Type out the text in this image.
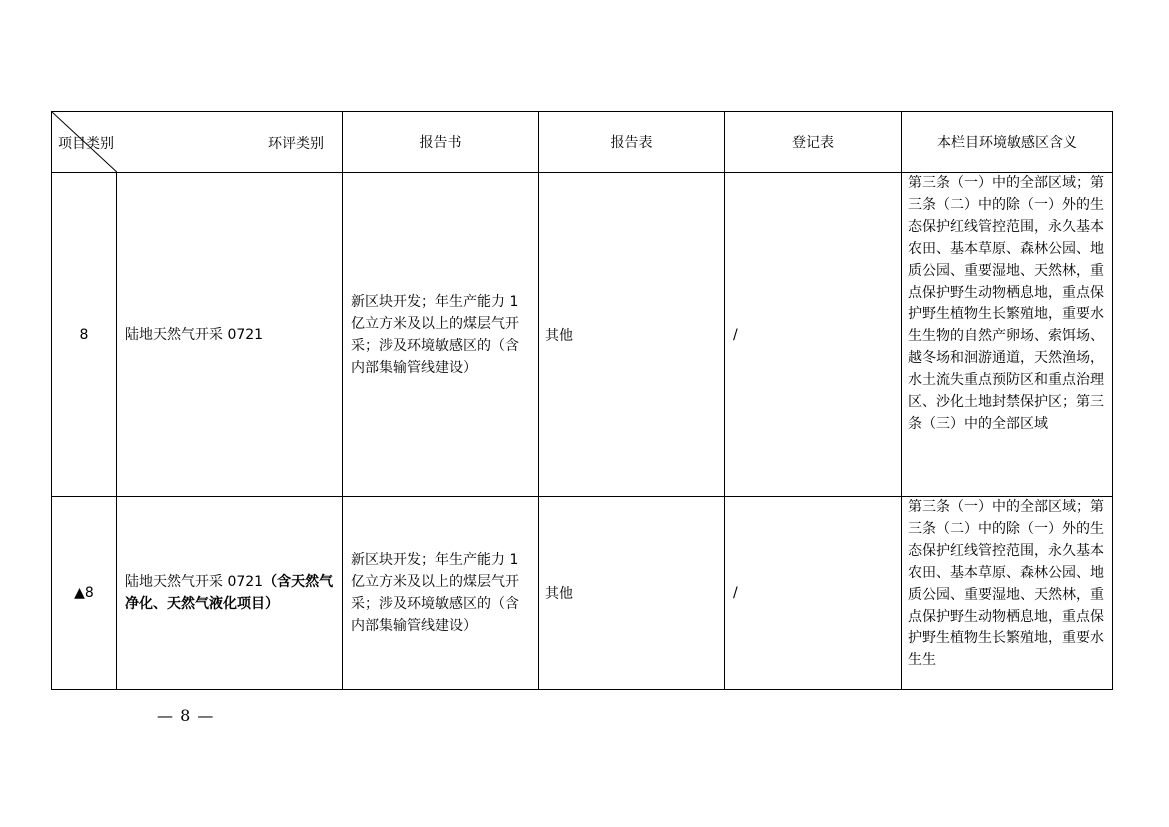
项目类别 环评类别		报告书	报告表	登记表	本栏目环境敏感区含义
8	陆地天然气开采 0721	新区块开发；年生产能力 1 亿立方米及以上的煤层气开采；涉及环境敏感区的（含内部集输管线建设）	其他	/	第三条（一）中的全部区域；第三条（二）中的除（一）外的生态保护红线管控范围，永久基本农田、基本草原、森林公园、地质公园、重要湿地、天然林，重点保护野生动物栖息地，重点保护野生植物生长繁殖地，重要水生生物的自然产卵场、索饵场、越冬场和洄游通道，天然渔场，水土流失重点预防区和重点治理区、沙化土地封禁保护区；第三条（三）中的全部区域

▲8	陆地天然气开采 0721（含天然气净化、天然气液化项目）	新区块开发；年生产能力 1 亿立方米及以上的煤层气开采；涉及环境敏感区的（含内部集输管线建设）	其他	/	第三条（一）中的全部区域；第三条（二）中的除（一）外的生态保护红线管控范围，永久基本农田、基本草原、森林公园、地质公园、重要湿地、天然林，重点保护野生动物栖息地，重点保护野生植物生长繁殖地，重要水生生
— 8 —
